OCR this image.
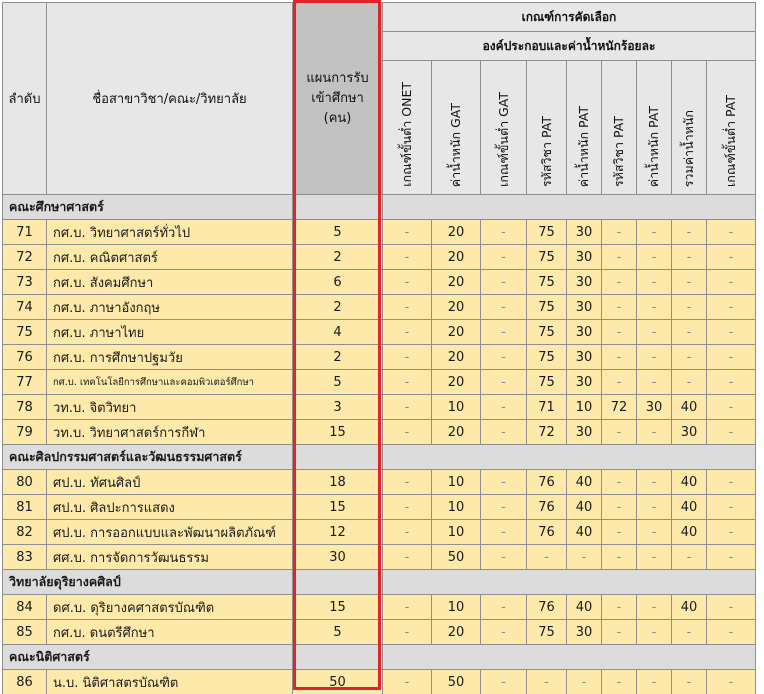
ลำดับ	ชื่อสาขาวิชา/คณะ/วิทยาลัย	แผนการรับ
เข้าศึกษา
(คน)	เกณฑ์การคัดเลือก								
			องค์ประกอบและค่าน้ำหนักร้อยละ								
			เกณฑ์ขั้นต่ำ ONET	ค่าน้ำหนัก GAT	เกณฑ์ขั้นต่ำ GAT	รหัสวิชา PAT	ค่าน้ำหนัก PAT	รหัสวิชา PAT	ค่าน้ำหนัก PAT	รวมค่าน้ำหนัก	เกณฑ์ขั้นต่ำ PAT
คณะศึกษาศาสตร์											
71	กศ.บ. วิทยาศาสตร์ทั่วไป	5	-	20	-	75	30	-	-	-	-
72	กศ.บ. คณิตศาสตร์	2	-	20	-	75	30	-	-	-	-
73	กศ.บ. สังคมศึกษา	6	-	20	-	75	30	-	-	-	-
74	กศ.บ. ภาษาอังกฤษ	2	-	20	-	75	30	-	-	-	-
75	กศ.บ. ภาษาไทย	4	-	20	-	75	30	-	-	-	-
76	กศ.บ. การศึกษาปฐมวัย	2	-	20	-	75	30	-	-	-	-
77	กศ.บ. เทคโนโลยีการศึกษาและคอมพิวเตอร์ศึกษา	5	-	20	-	75	30	-	-	-	-
78	วท.บ. จิตวิทยา	3	-	10	-	71	10	72	30	40	-
79	วท.บ. วิทยาศาสตร์การกีฬา	15	-	20	-	72	30	-	-	30	-
คณะศิลปกรรมศาสตร์และวัฒนธรรมศาสตร์											
80	ศป.บ. ทัศนศิลป์	18	-	10	-	76	40	-	-	40	-
81	ศป.บ. ศิลปะการแสดง	15	-	10	-	76	40	-	-	40	-
82	ศป.บ. การออกแบบและพัฒนาผลิตภัณฑ์	12	-	10	-	76	40	-	-	40	-
83	ศศ.บ. การจัดการวัฒนธรรม	30	-	50	-	-	-	-	-	-	-
วิทยาลัยดุริยางคศิลป์											
84	ดศ.บ. ดุริยางคศาสตรบัณฑิต	15	-	10	-	76	40	-	-	40	-
85	กศ.บ. ดนตรีศึกษา	5	-	20	-	75	30	-	-	-	-
คณะนิติศาสตร์											
86	น.บ. นิติศาสตรบัณฑิต	50	-	50	-	-	-	-	-	-	-
